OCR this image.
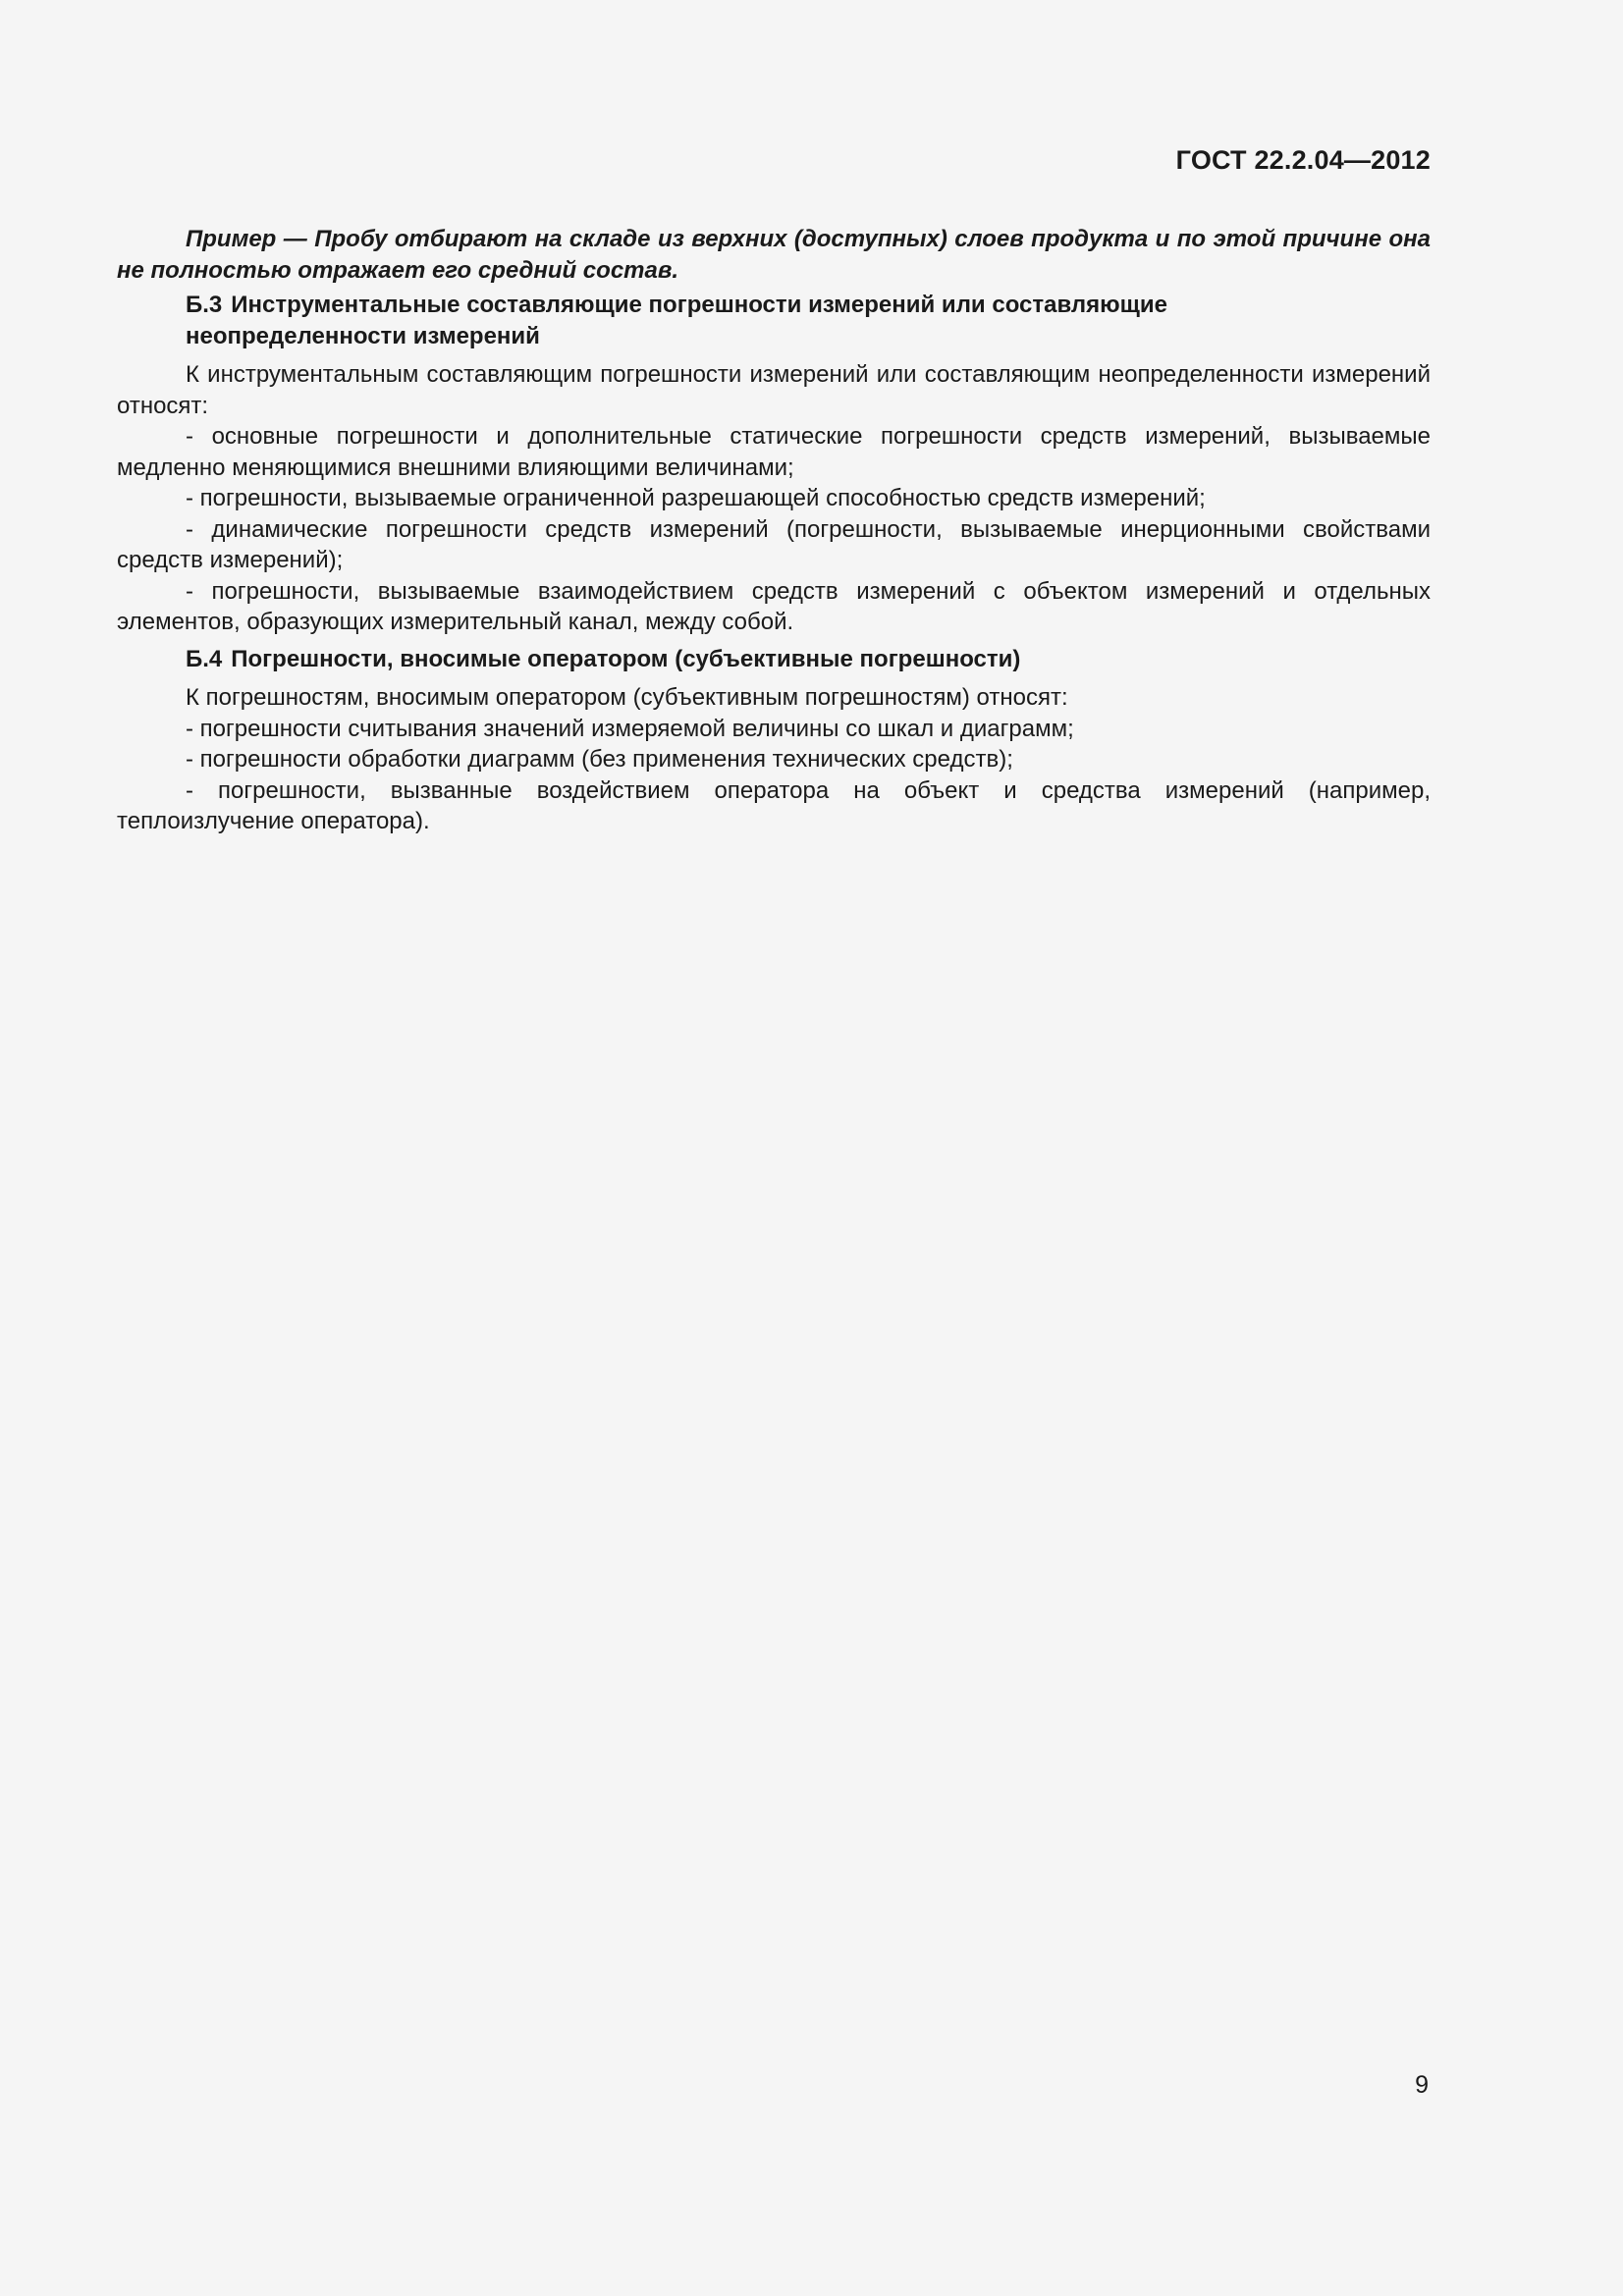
ГОСТ 22.2.04—2012

Пример — Пробу отбирают на складе из верхних (доступных) слоев продукта и по этой причине она не полностью отражает его средний состав.

Б.3 Инструментальные составляющие погрешности измерений или составляющие
неопределенности измерений

К инструментальным составляющим погрешности измерений или составляющим неопределенности измерений относят:

- основные погрешности и дополнительные статические погрешности средств измерений, вызываемые медленно меняющимися внешними влияющими величинами;

- погрешности, вызываемые ограниченной разрешающей способностью средств измерений;

- динамические погрешности средств измерений (погрешности, вызываемые инерционными свойствами средств измерений);

- погрешности, вызываемые взаимодействием средств измерений с объектом измерений и отдельных элементов, образующих измерительный канал, между собой.

Б.4 Погрешности, вносимые оператором (субъективные погрешности)

К погрешностям, вносимым оператором (субъективным погрешностям) относят:

- погрешности считывания значений измеряемой величины со шкал и диаграмм;

- погрешности обработки диаграмм (без применения технических средств);

- погрешности, вызванные воздействием оператора на объект и средства измерений (например, теплоизлучение оператора).

9
